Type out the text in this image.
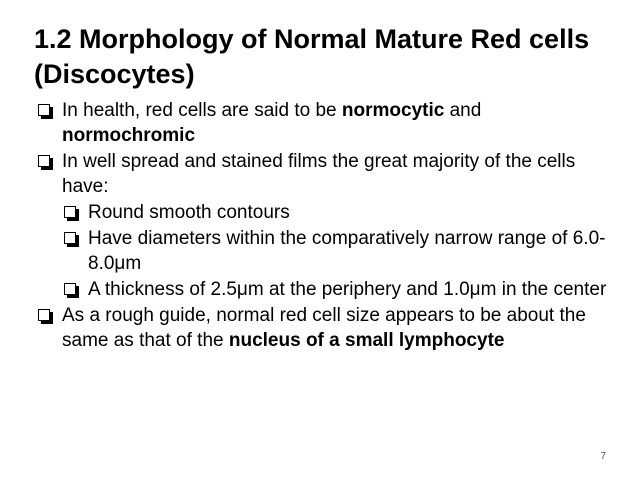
1.2 Morphology of Normal Mature Red cells (Discocytes)
In health, red cells are said to be normocytic and normochromic
In well spread and stained films the great majority of the cells have:
Round smooth contours
Have diameters within the comparatively narrow range of 6.0-8.0μm
A thickness of 2.5μm at the periphery and 1.0μm in the center
As a rough guide, normal red cell size appears to be about the same as that of the nucleus of a small lymphocyte
7
